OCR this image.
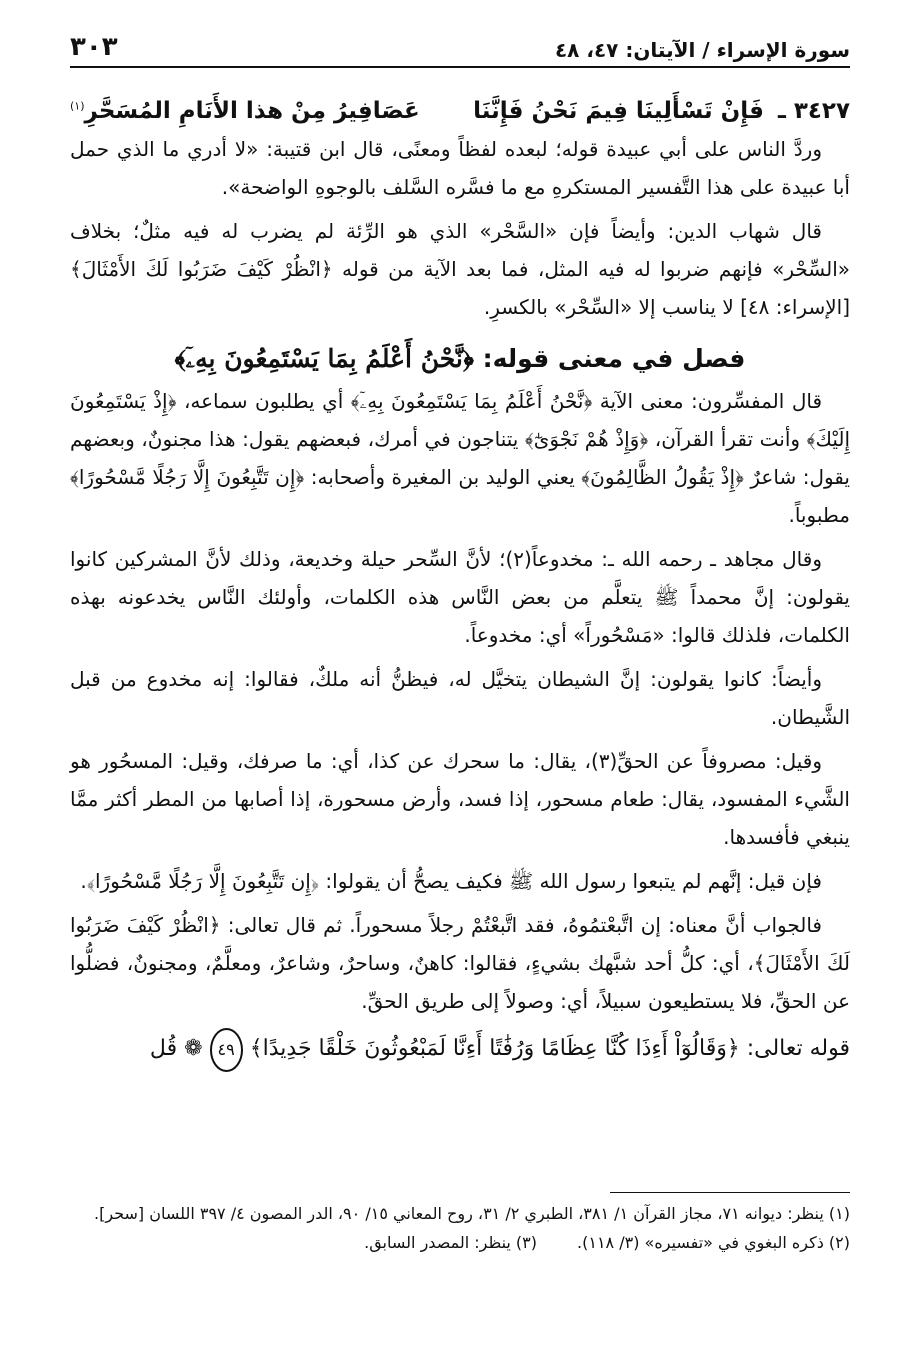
سورة الإسراء / الآيتان: ٤٧، ٤٨
٣٠٣
٣٤٢٧ ـ فَإِنْ تَسْأَلِينَا فِيمَ نَحْنُ فَإِنَّنَا
عَصَافِيرُ مِنْ هذا الأَنَامِ المُسَحَّرِ$^{(١)}$

وردَّ الناس على أبي عبيدة قوله؛ لبعده لفظاً ومعنًى، قال ابن قتيبة: «لا أدري ما الذي حمل أبا عبيدة على هذا التَّفسير المستكرهِ مع ما فسَّره السَّلف بالوجوهِ الواضحة».

قال شهاب الدين: وأيضاً فإن «السَّحْر» الذي هو الرِّئة لم يضرب له فيه مثلٌ؛ بخلاف «السِّحْر» فإنهم ضربوا له فيه المثل، فما بعد الآية من قوله ﴿انْظُرْ كَيْفَ ضَرَبُوا لَكَ الأَمْثَالَ﴾ [الإسراء: ٤٨] لا يناسب إلا «السِّحْر» بالكسرِ.

فصل في معنى قوله: ﴿نَّحْنُ أَعْلَمُ بِمَا يَسْتَمِعُونَ بِهِۦٓ﴾

قال المفسِّرون: معنى الآية ﴿نَّحْنُ أَعْلَمُ بِمَا يَسْتَمِعُونَ بِهِۦٓ﴾ أي يطلبون سماعه، ﴿إِذْ يَسْتَمِعُونَ إِلَيْكَ﴾ وأنت تقرأ القرآن، ﴿وَإِذْ هُمْ نَجْوَىٰٓ﴾ يتناجون في أمرك، فبعضهم يقول: هذا مجنونٌ، وبعضهم يقول: شاعرٌ ﴿إِذْ يَقُولُ الظَّالِمُونَ﴾ يعني الوليد بن المغيرة وأصحابه: ﴿إِن تَتَّبِعُونَ إِلَّا رَجُلًا مَّسْحُورًا﴾ مطبوباً.

وقال مجاهد ـ رحمه الله ـ: مخدوعاً(٢)؛ لأنَّ السِّحر حيلة وخديعة، وذلك لأنَّ المشركين كانوا يقولون: إنَّ محمداً ﷺ يتعلَّم من بعض النَّاس هذه الكلمات، وأولئك النَّاس يخدعونه بهذه الكلمات، فلذلك قالوا: «مَسْحُوراً» أي: مخدوعاً.

وأيضاً: كانوا يقولون: إنَّ الشيطان يتخيَّل له، فيظنُّ أنه ملكٌ، فقالوا: إنه مخدوع من قبل الشَّيطان.

وقيل: مصروفاً عن الحقِّ(٣)، يقال: ما سحرك عن كذا، أي: ما صرفك، وقيل: المسحُور هو الشَّيء المفسود، يقال: طعام مسحور، إذا فسد، وأرض مسحورة، إذا أصابها من المطر أكثر ممَّا ينبغي فأفسدها.

فإن قيل: إنَّهم لم يتبعوا رسول الله ﷺ فكيف يصحُّ أن يقولوا: ﴿إِن تَتَّبِعُونَ إِلَّا رَجُلًا مَّسْحُورًا﴾.

فالجواب أنَّ معناه: إن اتَّبعْتمُوهُ، فقد اتَّبعْتُمْ رجلاً مسحوراً. ثم قال تعالى: ﴿انْظُرْ كَيْفَ ضَرَبُوا لَكَ الأَمْثَالَ﴾، أي: كلُّ أحد شبَّهك بشيءٍ، فقالوا: كاهنٌ، وساحرٌ، وشاعرٌ، ومعلَّمٌ، ومجنونٌ، فضلُّوا عن الحقِّ، فلا يستطيعون سبيلاً، أي: وصولاً إلى طريق الحقِّ.

قوله تعالى: ﴿وَقَالُوٓاْ أَءِذَا كُنَّا عِظَامًا وَرُفَٰتًا أَءِنَّا لَمَبْعُوثُونَ خَلْقًا جَدِيدًا﴾ ٤٩ ❁ قُل

(١) ينظر: ديوانه ٧١، مجاز القرآن ١/ ٣٨١، الطبري ٢/ ٣١، روح المعاني ١٥/ ٩٠، الدر المصون ٤/ ٣٩٧ اللسان [سحر].

(٢) ذكره البغوي في «تفسيره» (٣/ ١١٨).
(٣) ينظر: المصدر السابق.
